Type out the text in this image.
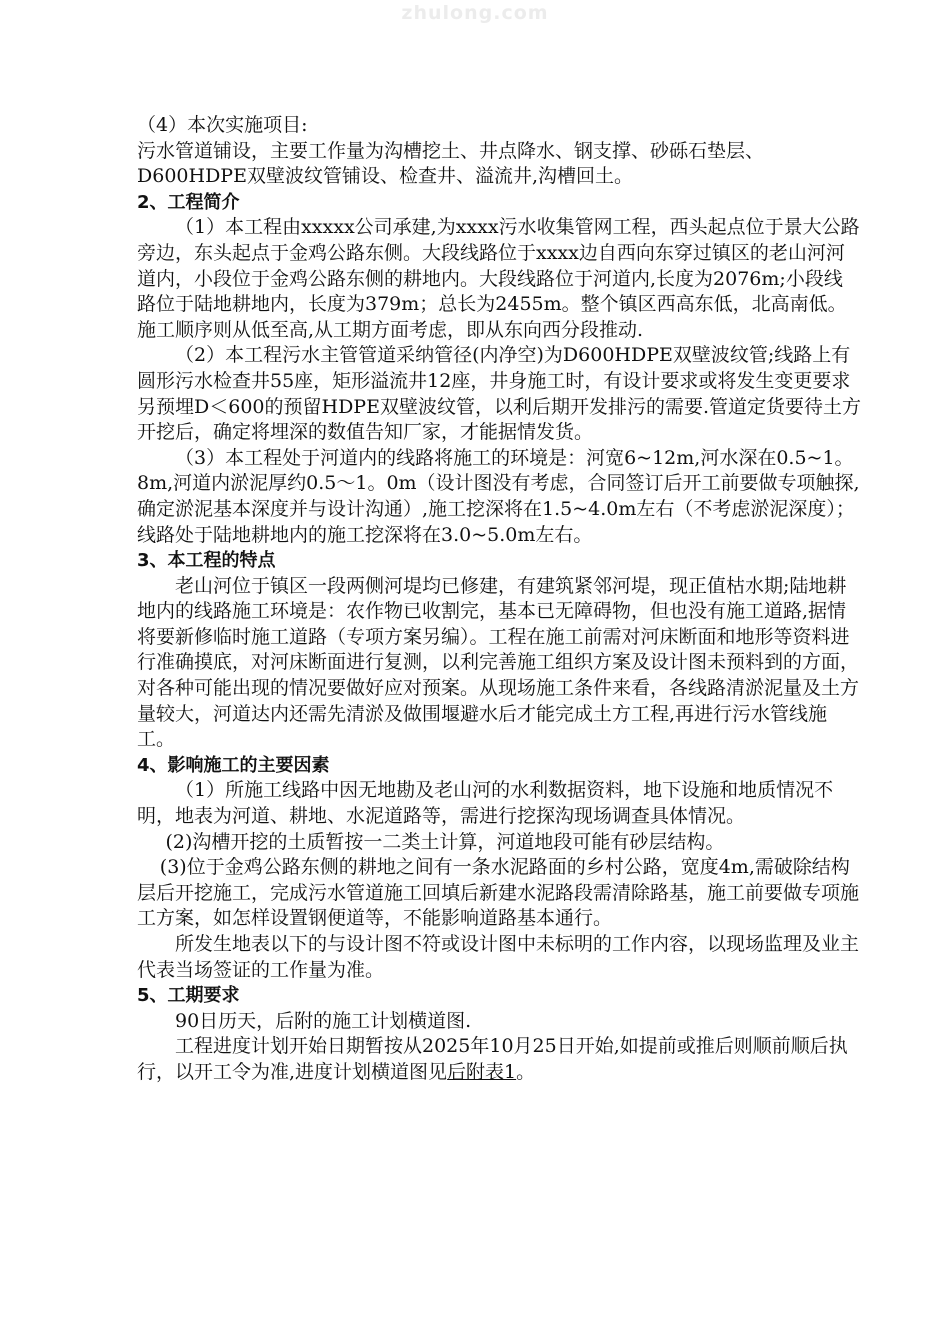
zhulong.com

（4）本次实施项目:

污水管道铺设，主要工作量为沟槽挖土、井点降水、钢支撑、砂砾石垫层、D600HDPE双壁波纹管铺设、检查井、溢流井,沟槽回土。

2、工程简介

（1）本工程由xxxxx公司承建,为xxxx污水收集管网工程，西头起点位于景大公路旁边，东头起点于金鸡公路东侧。大段线路位于xxxx边自西向东穿过镇区的老山河河道内，小段位于金鸡公路东侧的耕地内。大段线路位于河道内,长度为2076m;小段线路位于陆地耕地内，长度为379m；总长为2455m。整个镇区西高东低，北高南低。施工顺序则从低至高,从工期方面考虑，即从东向西分段推动.

（2）本工程污水主管管道采纳管径(内净空)为D600HDPE双壁波纹管;线路上有圆形污水检查井55座，矩形溢流井12座，井身施工时，有设计要求或将发生变更要求另预埋D＜600的预留HDPE双壁波纹管，以利后期开发排污的需要.管道定货要待土方开挖后，确定将埋深的数值告知厂家，才能据情发货。

（3）本工程处于河道内的线路将施工的环境是：河宽6~12m,河水深在0.5~1。8m,河道内淤泥厚约0.5～1。0m（设计图没有考虑，合同签订后开工前要做专项触探,确定淤泥基本深度并与设计沟通）,施工挖深将在1.5~4.0m左右（不考虑淤泥深度）；线路处于陆地耕地内的施工挖深将在3.0~5.0m左右。

3、本工程的特点

老山河位于镇区一段两侧河堤均已修建，有建筑紧邻河堤，现正值枯水期;陆地耕地内的线路施工环境是：农作物已收割完，基本已无障碍物，但也没有施工道路,据情将要新修临时施工道路（专项方案另编）。工程在施工前需对河床断面和地形等资料进行准确摸底，对河床断面进行复测，以利完善施工组织方案及设计图未预料到的方面，对各种可能出现的情况要做好应对预案。从现场施工条件来看，各线路清淤泥量及土方量较大，河道达内还需先清淤及做围堰避水后才能完成土方工程,再进行污水管线施工。

4、影响施工的主要因素

（1）所施工线路中因无地勘及老山河的水利数据资料，地下设施和地质情况不明，地表为河道、耕地、水泥道路等，需进行挖探沟现场调查具体情况。

(2)沟槽开挖的土质暂按一二类土计算，河道地段可能有砂层结构。

(3)位于金鸡公路东侧的耕地之间有一条水泥路面的乡村公路，宽度4m,需破除结构层后开挖施工，完成污水管道施工回填后新建水泥路段需清除路基，施工前要做专项施工方案，如怎样设置钢便道等，不能影响道路基本通行。

所发生地表以下的与设计图不符或设计图中未标明的工作内容，以现场监理及业主代表当场签证的工作量为准。

5、工期要求

90日历天，后附的施工计划横道图.

工程进度计划开始日期暂按从2025年10月25日开始,如提前或推后则顺前顺后执行，以开工令为准,进度计划横道图见后附表1。
